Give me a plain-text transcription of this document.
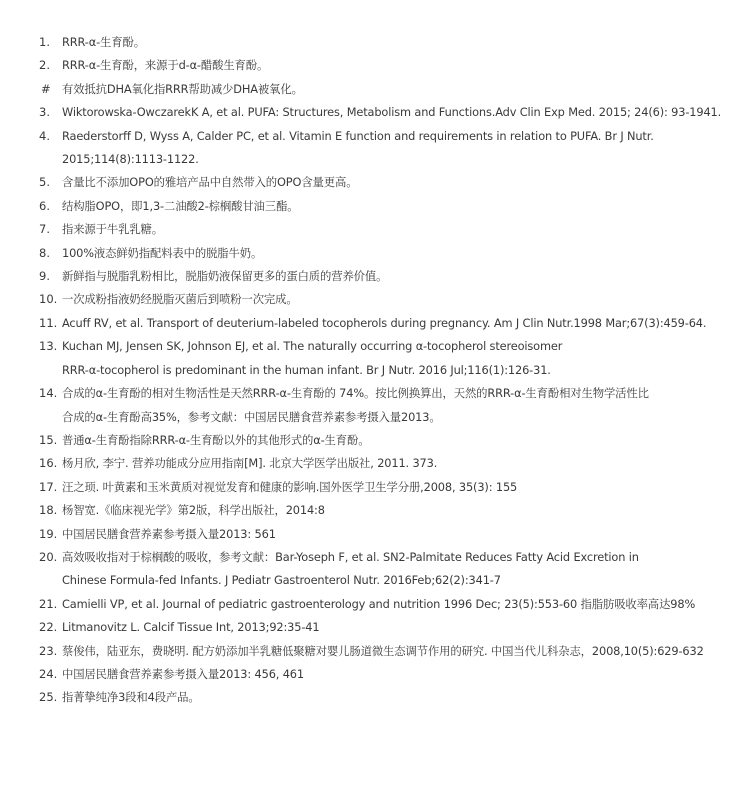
1.	RRR-α-生育酚。
2.	RRR-α-生育酚，来源于d-α-醋酸生育酚。
# 有效抵抗DHA氧化指RRR帮助减少DHA被氧化。
3.	Wiktorowska-OwczarekK A, et al. PUFA: Structures, Metabolism and Functions.Adv Clin Exp Med. 2015; 24(6): 93-1941.
4.	Raederstorff D, Wyss A, Calder PC, et al. Vitamin E function and requirements in relation to PUFA. Br J Nutr.
2015;114(8):1113-1122.
5.	含量比不添加OPO的雅培产品中自然带入的OPO含量更高。
6.	结构脂OPO，即1,3-二油酸2-棕榈酸甘油三酯。
7.	指来源于牛乳乳糖。
8.	100%液态鲜奶指配料表中的脱脂牛奶。
9.	新鲜指与脱脂乳粉相比，脱脂奶液保留更多的蛋白质的营养价值。
10. 一次成粉指液奶经脱脂灭菌后到喷粉一次完成。
11. Acuff RV, et al. Transport of deuterium-labeled tocopherols during pregnancy. Am J Clin Nutr.1998 Mar;67(3):459-64.
13. Kuchan MJ, Jensen SK, Johnson EJ, et al. The naturally occurring α-tocopherol stereoisomer
RRR-α-tocopherol is predominant in the human infant. Br J Nutr. 2016 Jul;116(1):126-31.
14. 合成的α-生育酚的相对生物活性是天然RRR-α-生育酚的 74%。按比例换算出，天然的RRR-α-生育酚相对生物学活性比
合成的α-生育酚高35%，参考文献：中国居民膳食营养素参考摄入量2013。
15. 普通α-生育酚指除RRR-α-生育酚以外的其他形式的α-生育酚。
16. 杨月欣, 李宁. 营养功能成分应用指南[M]. 北京大学医学出版社, 2011. 373.
17. 汪之顼. 叶黄素和玉米黄质对视觉发育和健康的影响.国外医学卫生学分册,2008, 35(3): 155
18. 杨智宽.《临床视光学》第2版，科学出版社，2014:8
19. 中国居民膳食营养素参考摄入量2013: 561
20. 高效吸收指对于棕榈酸的吸收，参考文献：Bar-Yoseph F, et al. SN2-Palmitate Reduces Fatty Acid Excretion in
Chinese Formula-fed Infants. J Pediatr Gastroenterol Nutr. 2016Feb;62(2):341-7
21. Camielli VP, et al. Journal of pediatric gastroenterology and nutrition 1996 Dec; 23(5):553-60 指脂肪吸收率高达98%
22. Litmanovitz L. Calcif Tissue Int, 2013;92:35-41
23. 蔡俊伟，陆亚东，费晓明. 配方奶添加半乳糖低聚糖对婴儿肠道微生态调节作用的研究. 中国当代儿科杂志，2008,10(5):629-632
24. 中国居民膳食营养素参考摄入量2013: 456, 461
25. 指菁挚纯净3段和4段产品。
